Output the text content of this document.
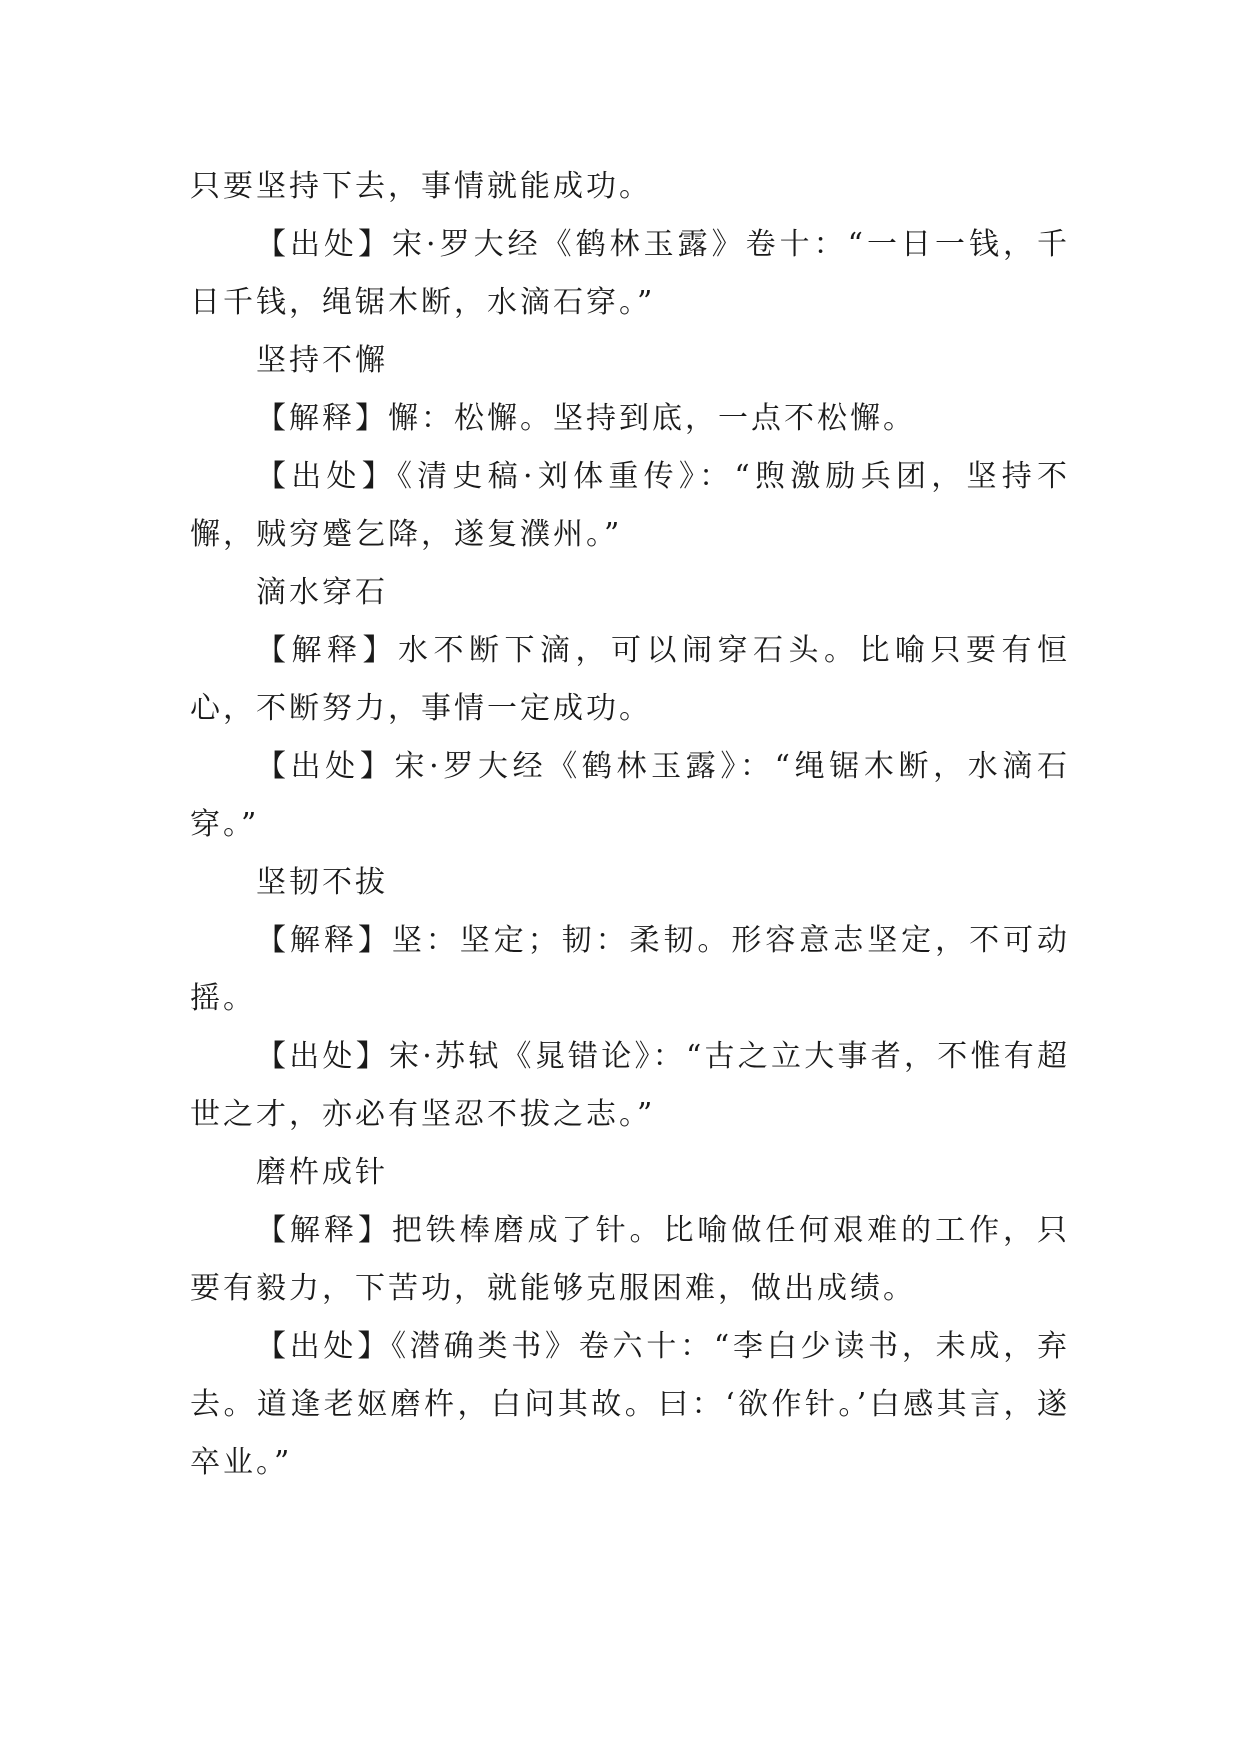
只要坚持下去，事情就能成功。

【出处】宋·罗大经《鹤林玉露》卷十：“一日一钱，千日千钱，绳锯木断，水滴石穿。”

坚持不懈

【解释】懈：松懈。坚持到底，一点不松懈。

【出处】《清史稿·刘体重传》：“煦激励兵团，坚持不懈，贼穷蹙乞降，遂复濮州。”

滴水穿石

【解释】水不断下滴，可以闹穿石头。比喻只要有恒心，不断努力，事情一定成功。

【出处】宋·罗大经《鹤林玉露》：“绳锯木断，水滴石穿。”

坚韧不拔

【解释】坚：坚定；韧：柔韧。形容意志坚定，不可动摇。

【出处】宋·苏轼《晁错论》：“古之立大事者，不惟有超世之才，亦必有坚忍不拔之志。”

磨杵成针

【解释】把铁棒磨成了针。比喻做任何艰难的工作，只要有毅力，下苦功，就能够克服困难，做出成绩。

【出处】《潜确类书》卷六十：“李白少读书，未成，弃去。道逢老妪磨杵，白问其故。曰：‘欲作针。’白感其言，遂卒业。”
